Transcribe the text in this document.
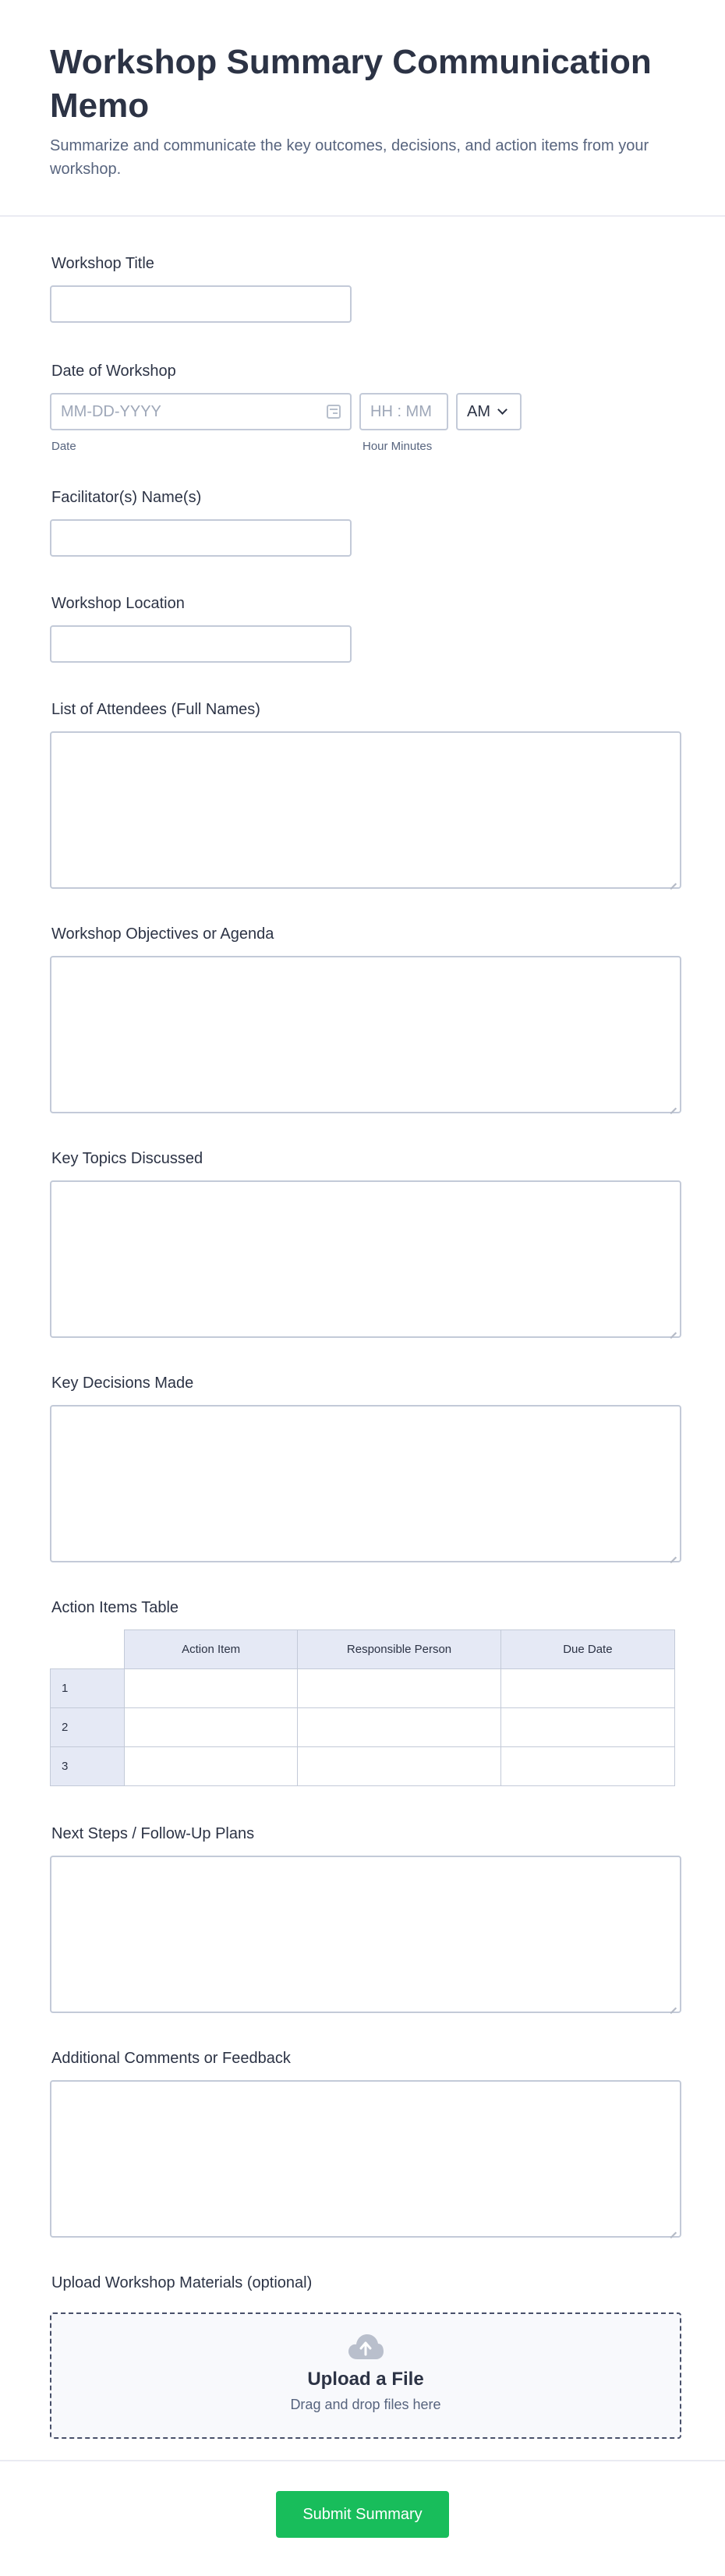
Workshop Summary Communication Memo

Summarize and communicate the key outcomes, decisions, and action items from your workshop.

Workshop Title
Date of Workshop
MM-DD-YYYY
Date
HH : MM
Hour Minutes
AM
Facilitator(s) Name(s)
Workshop Location
List of Attendees (Full Names)
Workshop Objectives or Agenda
Key Topics Discussed
Key Decisions Made
Action Items Table
	Action Item	Responsible Person	Due Date
1			
2			
3			
Next Steps / Follow-Up Plans
Additional Comments or Feedback
Upload Workshop Materials (optional)
Upload a File
Drag and drop files here
Submit Summary
